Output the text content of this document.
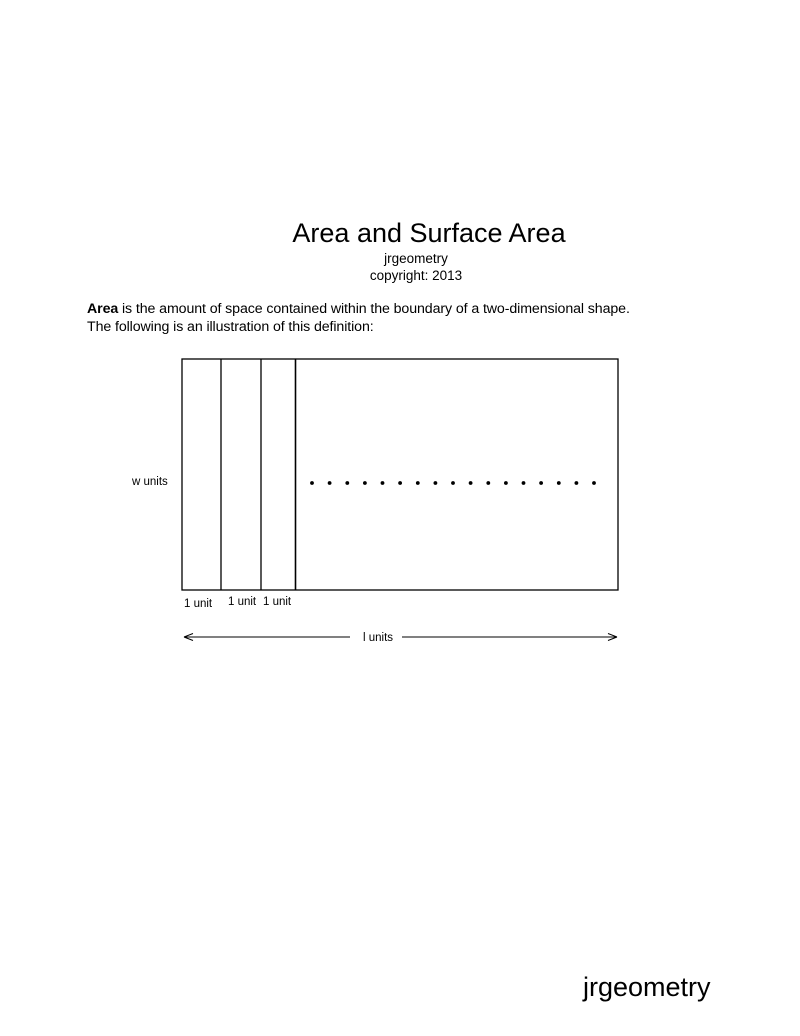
Area and Surface Area
jrgeometry
copyright: 2013

Area is the amount of space contained within the boundary of a two-dimensional shape.

The following is an illustration of this definition:

w units
1 unit 1 unit 1 unit
l units
jrgeometry
